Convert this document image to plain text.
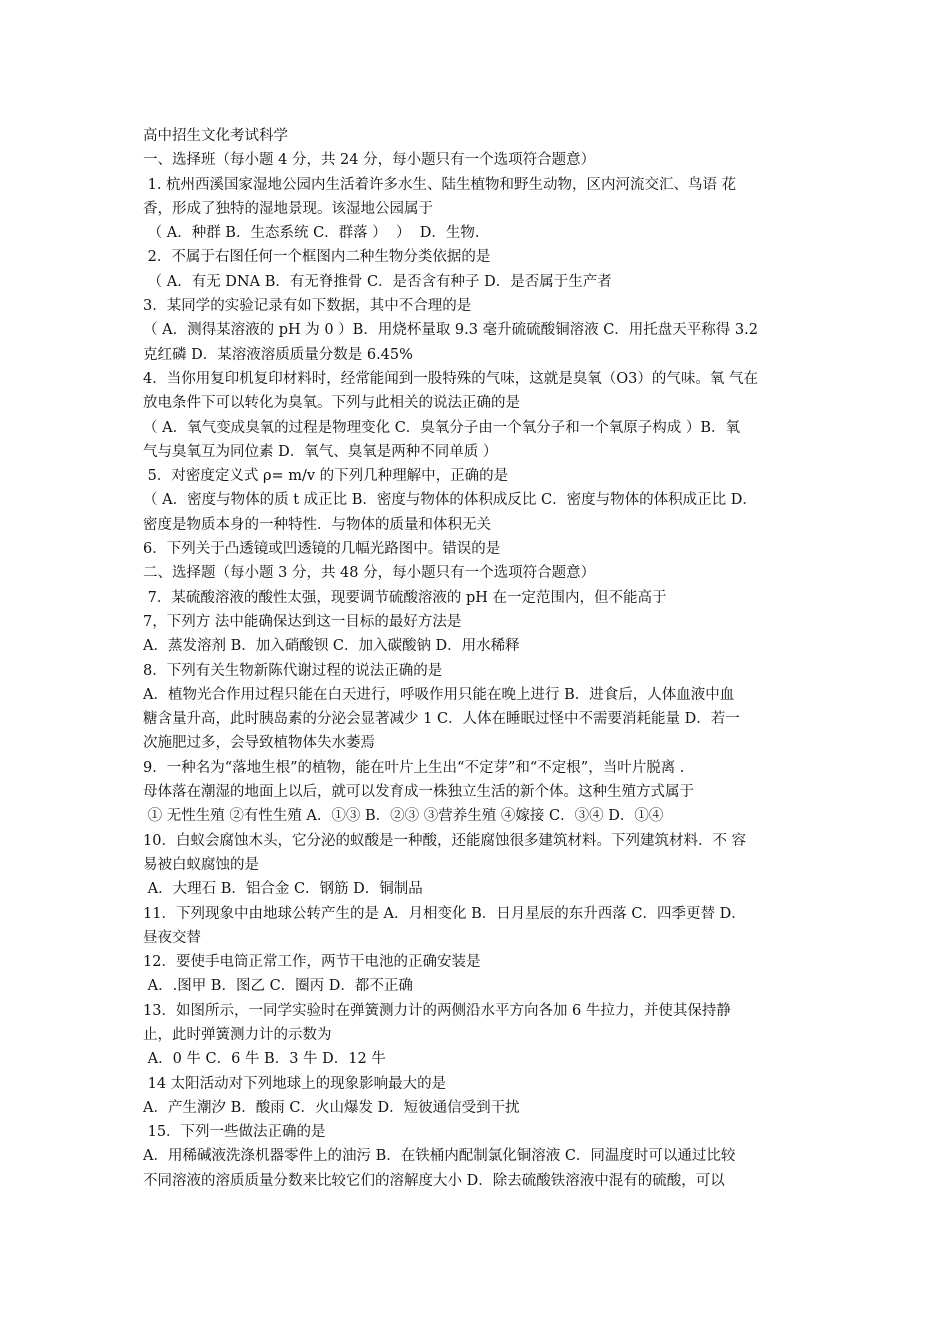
高中招生文化考试科学
一、选择班（每小题 4 分，共 24 分，每小题只有一个选项符合题意）
1. 杭州西溪国家湿地公园内生活着许多水生、陆生植物和野生动物，区内河流交汇、鸟语 花
香，形成了独特的湿地景现。该湿地公园属于
（ A．种群 B．生态系统 C．群落 ）  ）  D．生物.
2．不属于右图任何一个框图内二种生物分类依据的是
（ A．有无 DNA B．有无脊推骨 C．是否含有种子 D．是否属于生产者
3．某同学的实验记录有如下数据，其中不合理的是
（ A．测得某溶液的 pH 为 0 ）B．用烧杯量取 9.3 毫升硫硫酸铜溶液 C．用托盘天平称得 3.2
克红磷 D．某溶液溶质质量分数是 6.45%
4．当你用复印机复印材料时，经常能闻到一股特殊的气味，这就是臭氧（O3）的气味。氧 气在
放电条件下可以转化为臭氧。下列与此相关的说法正确的是
（ A．氧气变成臭氧的过程是物理变化 C．臭氧分子由一个氧分子和一个氧原子构成 ）B．氧
气与臭氧互为同位素 D．氧气、臭氧是两种不同单质 ）
5．对密度定义式 ρ= m/v 的下列几种理解中，正确的是
（ A．密度与物体的质 t 成正比 B．密度与物体的体积成反比 C．密度与物体的体积成正比 D．
密度是物质本身的一种特性．与物体的质量和体积无关
6．下列关于凸透镜或凹透镜的几幅光路图中。错误的是
二、选择题（每小题 3 分，共 48 分，每小题只有一个选项符合题意）
7．某硫酸溶液的酸性太强，现要调节硫酸溶液的 pH 在一定范围内，但不能高于
7，下列方 法中能确保达到这一目标的最好方法是
A．蒸发溶剂 B．加入硝酸钡 C．加入碳酸钠 D．用水稀释
8．下列有关生物新陈代谢过程的说法正确的是
A．植物光合作用过程只能在白天进行，呼吸作用只能在晚上进行 B．进食后，人体血液中血
糖含量升高，此时胰岛素的分泌会显著减少 1 C．人体在睡眠过怪中不需要消耗能量 D．若一
次施肥过多，会导致植物体失水萎焉
9．一种名为“落地生根”的植物，能在叶片上生出“不定芽”和“不定根”，当叶片脱离 .
母体落在潮湿的地面上以后，就可以发育成一株独立生活的新个体。这种生殖方式属于
① 无性生殖 ②有性生殖 A．①③ B．②③ ③营养生殖 ④嫁接 C．③④ D．①④
10．白蚁会腐蚀木头，它分泌的蚁酸是一种酸，还能腐蚀很多建筑材料。下列建筑材料．不 容
易被白蚁腐蚀的是
A．大理石 B．铝合金 C．钢筋 D．铜制品
11．下列现象中由地球公转产生的是 A．月相变化 B．日月星辰的东升西落 C．四季更替 D．
昼夜交替
12．要使手电筒正常工作，两节干电池的正确安装是
A．.图甲 B．图乙 C．圈丙 D．都不正确
13．如图所示，一同学实验时在弹簧测力计的两侧沿水平方向各加 6 牛拉力，并使其保持静
止，此时弹簧测力计的示数为
A．0 牛 C．6 牛 B．3 牛 D．12 牛
14 太阳活动对下列地球上的现象影响最大的是
A．产生潮汐 B．酸雨 C．火山爆发 D．短彼通信受到干扰
15．下列一些做法正确的是
A．用稀碱液洗涤机器零件上的油污 B．在铁桶内配制氯化铜溶液 C．同温度时可以通过比较
不同溶液的溶质质量分数来比较它们的溶解度大小 D．除去硫酸铁溶液中混有的硫酸，可以
